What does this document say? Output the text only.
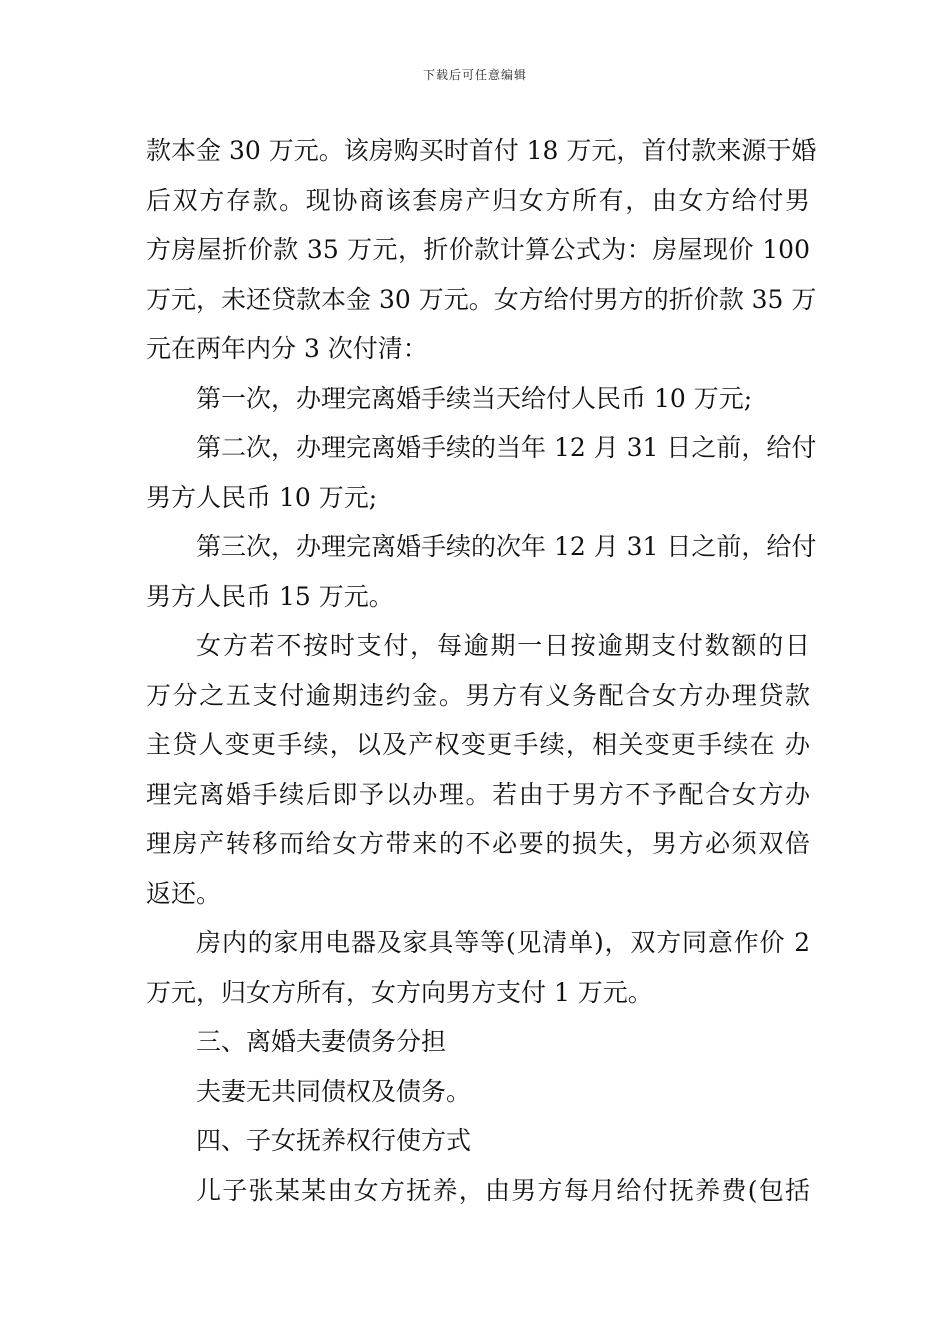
下载后可任意编辑
款本金 30 万元。该房购买时首付 18 万元，首付款来源于婚
后双方存款。现协商该套房产归女方所有，由女方给付男
方房屋折价款 35 万元，折价款计算公式为：房屋现价 100
万元，未还贷款本金 30 万元。女方给付男方的折价款 35 万
元在两年内分 3 次付清：
第一次，办理完离婚手续当天给付人民币 10 万元;
第二次，办理完离婚手续的当年 12 月 31 日之前，给付
男方人民币 10 万元;
第三次，办理完离婚手续的次年 12 月 31 日之前，给付
男方人民币 15 万元。
女方若不按时支付，每逾期一日按逾期支付数额的日
万分之五支付逾期违约金。男方有义务配合女方办理贷款
主贷人变更手续，以及产权变更手续，相关变更手续在 办
理完离婚手续后即予以办理。若由于男方不予配合女方办
理房产转移而给女方带来的不必要的损失，男方必须双倍
返还。
房内的家用电器及家具等等(见清单)，双方同意作价 2
万元，归女方所有，女方向男方支付 1 万元。
三、离婚夫妻债务分担
夫妻无共同债权及债务。
四、子女抚养权行使方式
儿子张某某由女方抚养，由男方每月给付抚养费(包括
